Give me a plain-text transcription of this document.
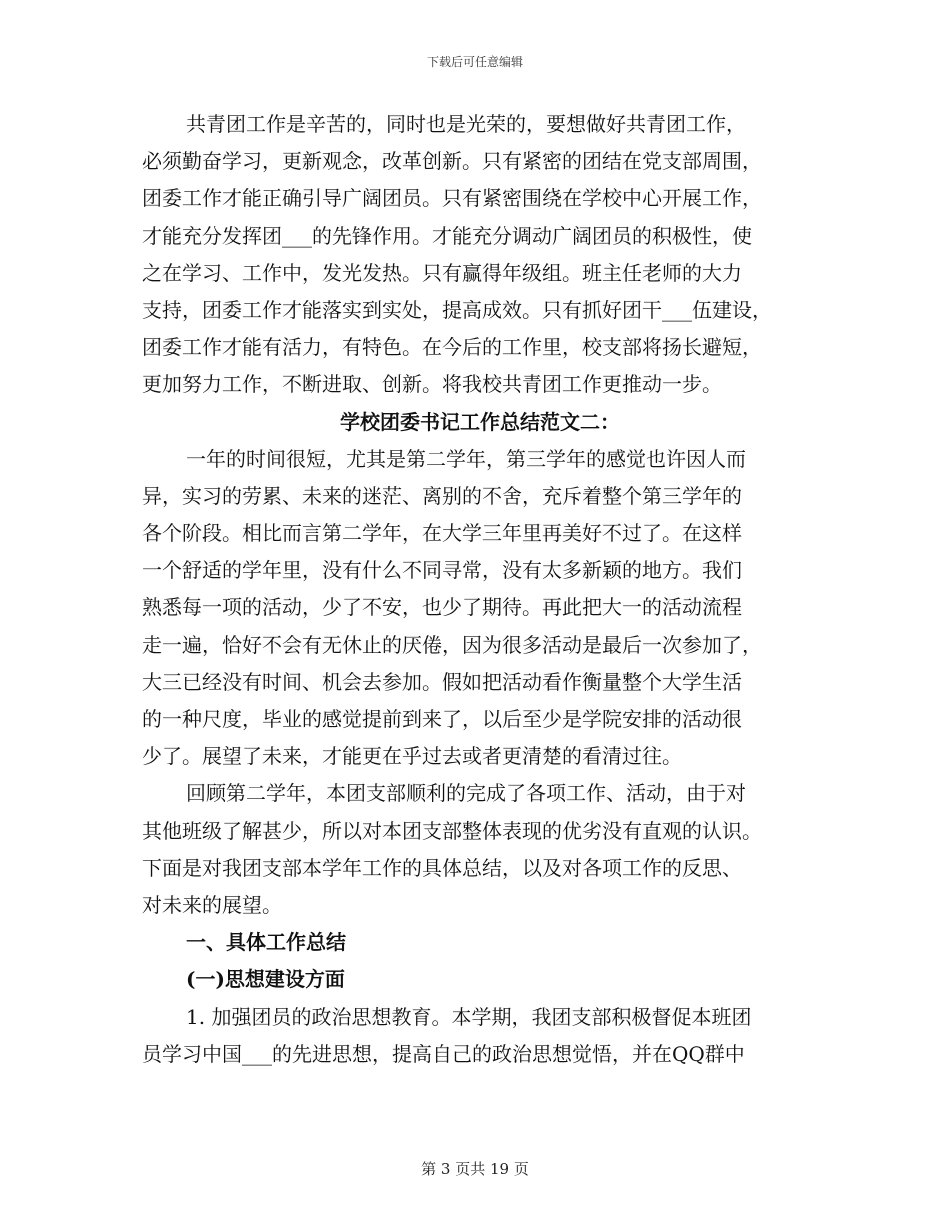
下载后可任意编辑
共青团工作是辛苦的，同时也是光荣的，要想做好共青团工作，
必须勤奋学习，更新观念，改革创新。只有紧密的团结在党支部周围，
团委工作才能正确引导广阔团员。只有紧密围绕在学校中心开展工作，
才能充分发挥团___的先锋作用。才能充分调动广阔团员的积极性，使
之在学习、工作中，发光发热。只有赢得年级组。班主任老师的大力
支持，团委工作才能落实到实处，提高成效。只有抓好团干___伍建设，
团委工作才能有活力，有特色。在今后的工作里，校支部将扬长避短，
更加努力工作，不断进取、创新。将我校共青团工作更推动一步。
学校团委书记工作总结范文二：
一年的时间很短，尤其是第二学年，第三学年的感觉也许因人而
异，实习的劳累、未来的迷茫、离别的不舍，充斥着整个第三学年的
各个阶段。相比而言第二学年，在大学三年里再美好不过了。在这样
一个舒适的学年里，没有什么不同寻常，没有太多新颖的地方。我们
熟悉每一项的活动，少了不安，也少了期待。再此把大一的活动流程
走一遍，恰好不会有无休止的厌倦，因为很多活动是最后一次参加了，
大三已经没有时间、机会去参加。假如把活动看作衡量整个大学生活
的一种尺度，毕业的感觉提前到来了，以后至少是学院安排的活动很
少了。展望了未来，才能更在乎过去或者更清楚的看清过往。
回顾第二学年，本团支部顺利的完成了各项工作、活动，由于对
其他班级了解甚少，所以对本团支部整体表现的优劣没有直观的认识。
下面是对我团支部本学年工作的具体总结，以及对各项工作的反思、
对未来的展望。
一、具体工作总结
(一)思想建设方面
1. 加强团员的政治思想教育。本学期，我团支部积极督促本班团
员学习中国___的先进思想，提高自己的政治思想觉悟，并在QQ群中
第 3 页共 19 页
